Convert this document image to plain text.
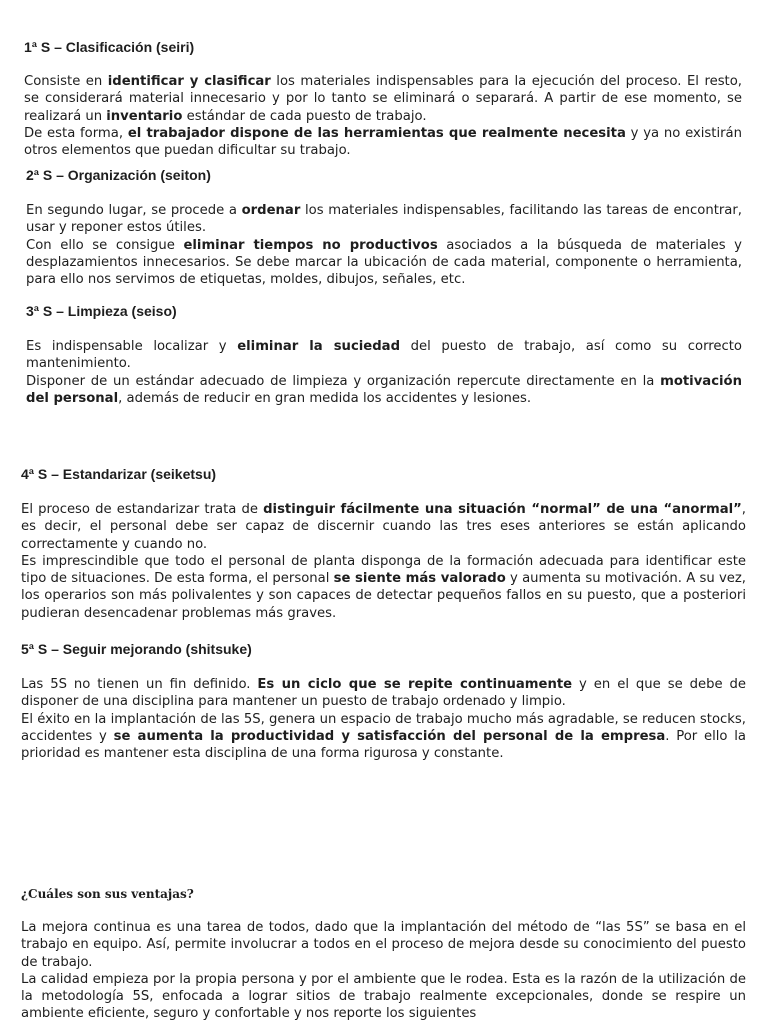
1ª S – Clasificación (seiri)

Consiste en identificar y clasificar los materiales indispensables para la ejecución del proceso. El resto, se considerará material innecesario y por lo tanto se eliminará o separará. A partir de ese momento, se realizará un inventario estándar de cada puesto de trabajo.

De esta forma, el trabajador dispone de las herramientas que realmente necesita y ya no existirán otros elementos que puedan dificultar su trabajo.

2ª S – Organización (seiton)

En segundo lugar, se procede a ordenar los materiales indispensables, facilitando las tareas de encontrar, usar y reponer estos útiles.

Con ello se consigue eliminar tiempos no productivos asociados a la búsqueda de materiales y desplazamientos innecesarios. Se debe marcar la ubicación de cada material, componente o herramienta, para ello nos servimos de etiquetas, moldes, dibujos, señales, etc.

3ª S – Limpieza (seiso)

Es indispensable localizar y eliminar la suciedad del puesto de trabajo, así como su correcto mantenimiento.

Disponer de un estándar adecuado de limpieza y organización repercute directamente en la motivación del personal, además de reducir en gran medida los accidentes y lesiones.

4ª S – Estandarizar (seiketsu)

El proceso de estandarizar trata de distinguir fácilmente una situación “normal” de una “anormal”, es decir, el personal debe ser capaz de discernir cuando las tres eses anteriores se están aplicando correctamente y cuando no.

Es imprescindible que todo el personal de planta disponga de la formación adecuada para identificar este tipo de situaciones. De esta forma, el personal se siente más valorado y aumenta su motivación. A su vez, los operarios son más polivalentes y son capaces de detectar pequeños fallos en su puesto, que a posteriori pudieran desencadenar problemas más graves.

5ª S – Seguir mejorando (shitsuke)

Las 5S no tienen un fin definido. Es un ciclo que se repite continuamente y en el que se debe de disponer de una disciplina para mantener un puesto de trabajo ordenado y limpio.

El éxito en la implantación de las 5S, genera un espacio de trabajo mucho más agradable, se reducen stocks, accidentes y se aumenta la productividad y satisfacción del personal de la empresa. Por ello la prioridad es mantener esta disciplina de una forma rigurosa y constante.

¿Cuáles son sus ventajas?

La mejora continua es una tarea de todos, dado que la implantación del método de “las 5S” se basa en el trabajo en equipo. Así, permite involucrar a todos en el proceso de mejora desde su conocimiento del puesto de trabajo.

La calidad empieza por la propia persona y por el ambiente que le rodea. Esta es la razón de la utilización de la metodología 5S, enfocada a lograr sitios de trabajo realmente excepcionales, donde se respire un ambiente eficiente, seguro y confortable y nos reporte los siguientes
